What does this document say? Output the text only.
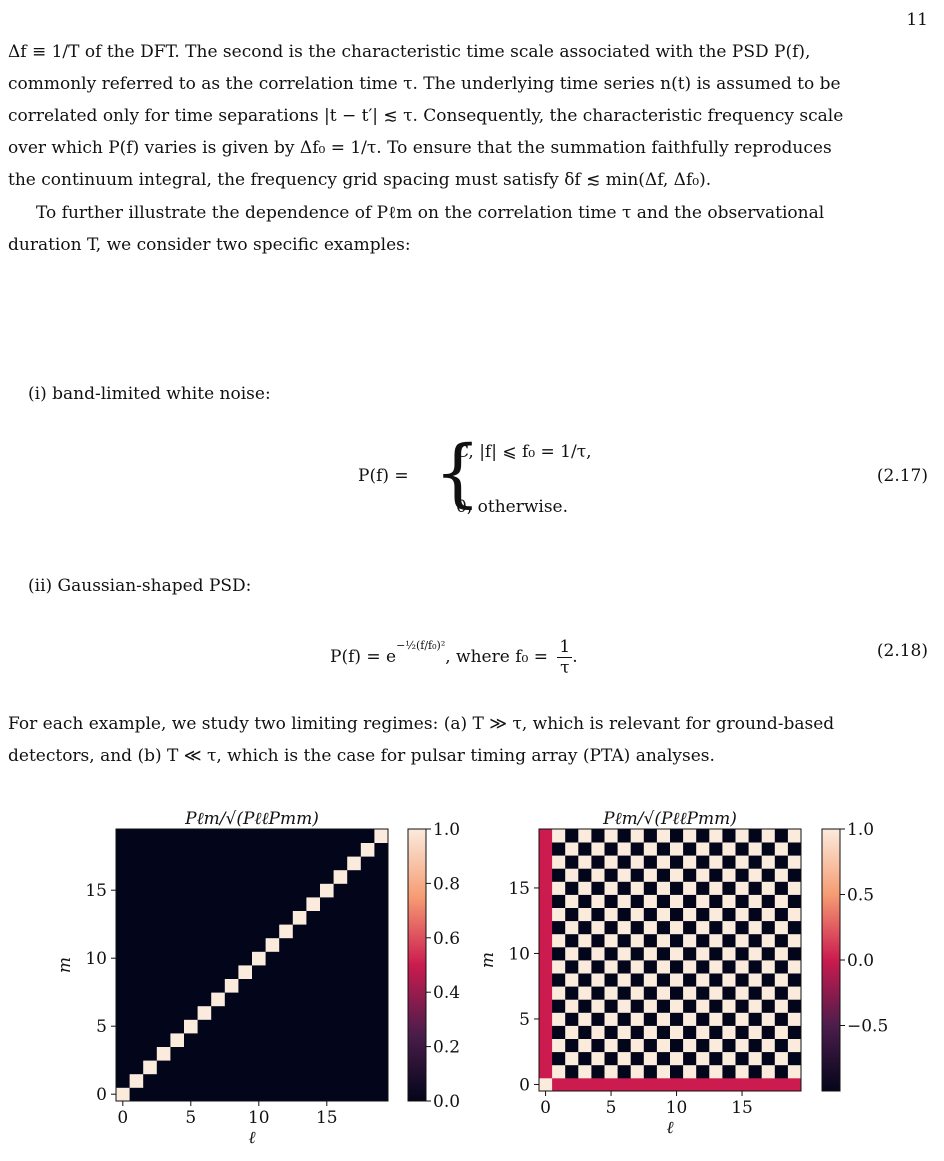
11

Δf ≡ 1/T of the DFT. The second is the characteristic time scale associated with the PSD P(f),

commonly referred to as the correlation time τ. The underlying time series n(t) is assumed to be

correlated only for time separations |t − t′| ≲ τ. Consequently, the characteristic frequency scale

over which P(f) varies is given by Δf₀ = 1/τ. To ensure that the summation faithfully reproduces

the continuum integral, the frequency grid spacing must satisfy δf ≲ min(Δf, Δf₀).

To further illustrate the dependence of Pℓm on the correlation time τ and the observational

duration T, we consider two specific examples:

(i) band-limited white noise:
P(f) = {
C, |f| ⩽ f₀ = 1/τ,
0, otherwise.
(2.17)
(ii) Gaussian-shaped PSD:
$P(f) = e^{-\frac{1}{2}(f/f_0)^2}$, where $f_0 = \frac{1}{\tau}$ .	(2.18)

For each example, we study two limiting regimes: (a) T ≫ τ, which is relevant for ground-based

detectors, and (b) T ≪ τ, which is the case for pulsar timing array (PTA) analyses.

Pℓm/√(PℓℓPmm)
0	5	10	15
0
5
10
15
ℓ
m
0.0
0.2
0.4
0.6
0.8
1.0
Pℓm/√(PℓℓPmm)
0	5	10	15
0
5
10
15
ℓ
m
−0.5
0.0
0.5
1.0
